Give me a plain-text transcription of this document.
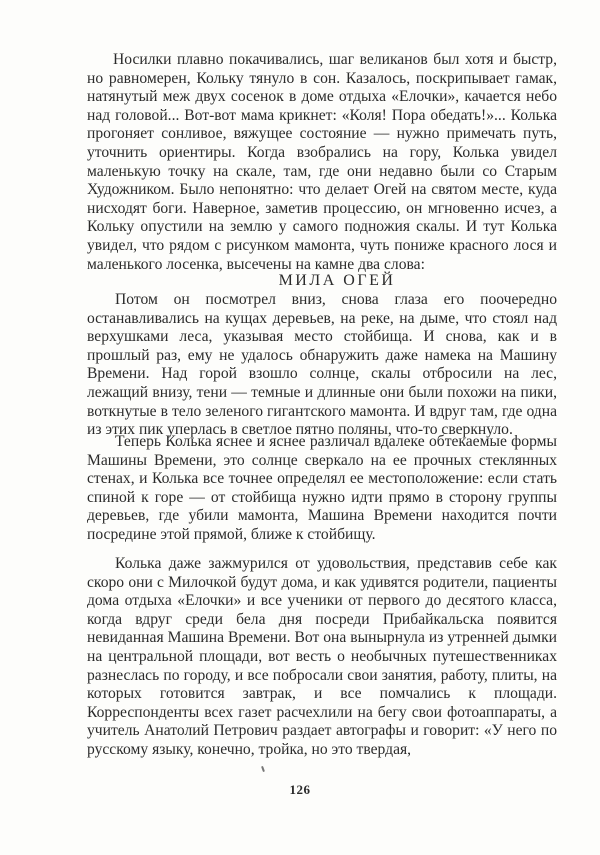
Носилки плавно покачивались, шаг великанов был хотя и быстр, но равномерен, Кольку тянуло в сон. Казалось, поскрипывает гамак, натянутый меж двух сосенок в доме отдыха «Елочки», качается небо над головой... Вот-вот мама крикнет: «Коля! Пора обедать!»... Колька прогоняет сонливое, вяжущее состояние — нужно примечать путь, уточнить ориентиры. Когда взобрались на гору, Колька увидел маленькую точку на скале, там, где они недавно были со Старым Художником. Было непонятно: что делает Огей на святом месте, куда нисходят боги. Наверное, заметив процессию, он мгновенно исчез, а Кольку опустили на землю у самого подножия скалы. И тут Колька увидел, что рядом с рисунком мамонта, чуть пониже красного лося и маленького лосенка, высечены на камне два слова:

МИЛА ОГЕЙ

Потом он посмотрел вниз, снова глаза его поочередно останавливались на кущах деревьев, на реке, на дыме, что стоял над верхушками леса, указывая место стойбища. И снова, как и в прошлый раз, ему не удалось обнаружить даже намека на Машину Времени. Над горой взошло солнце, скалы отбросили на лес, лежащий внизу, тени — темные и длинные они были похожи на пики, воткнутые в тело зеленого гигантского мамонта. И вдруг там, где одна из этих пик уперлась в светлое пятно поляны, что-то сверкнуло.

Теперь Колька яснее и яснее различал вдалеке обтекаемые формы Машины Времени, это солнце сверкало на ее прочных стеклянных стенах, и Колька все точнее определял ее местоположение: если стать спиной к горе — от стойбища нужно идти прямо в сторону группы деревьев, где убили мамонта, Машина Времени находится почти посредине этой прямой, ближе к стойбищу.

Колька даже зажмурился от удовольствия, представив себе как скоро они с Милочкой будут дома, и как удивятся родители, пациенты дома отдыха «Елочки» и все ученики от первого до десятого класса, когда вдруг среди бела дня посреди Прибайкальска появится невиданная Машина Времени. Вот она вынырнула из утренней дымки на центральной площади, вот весть о необычных путешественниках разнеслась по городу, и все побросали свои занятия, работу, плиты, на которых готовится завтрак, и все помчались к площади. Корреспонденты всех газет расчехлили на бегу свои фотоаппараты, а учитель Анатолий Петрович раздает автографы и говорит: «У него по русскому языку, конечно, тройка, но это твердая,

126
